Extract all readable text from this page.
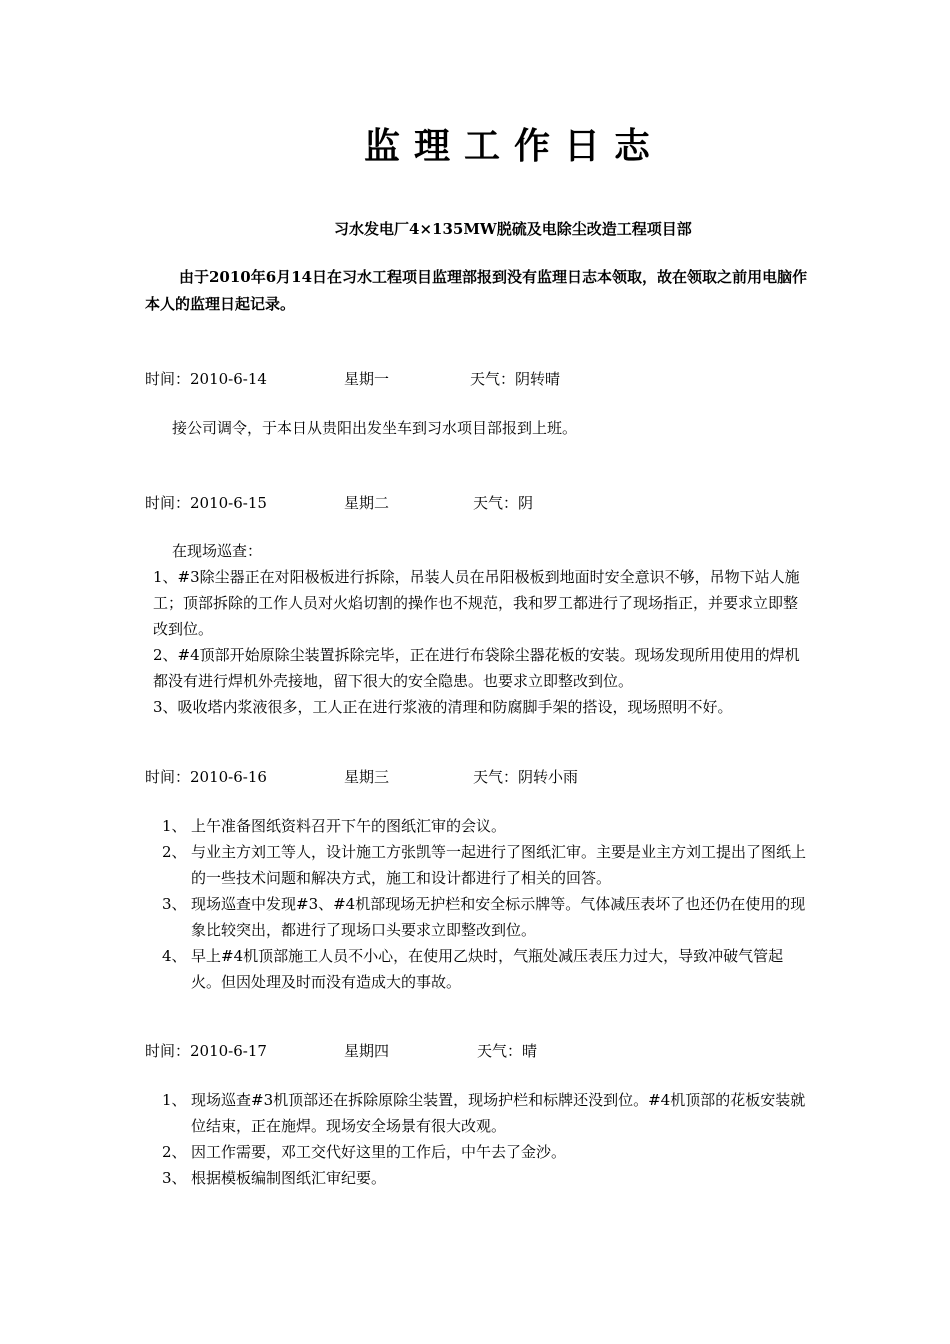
监理工作日志
习水发电厂4×135MW脱硫及电除尘改造工程项目部
由于2010年6月14日在习水工程项目监理部报到没有监理日志本领取，故在领取之前用电脑作本人的监理日起记录。
时间：2010-6-14	星期一	天气：阴转晴

接公司调令，于本日从贵阳出发坐车到习水项目部报到上班。

时间：2010-6-15	星期二	天气：阴

在现场巡查：

1、#3除尘器正在对阳极板进行拆除，吊装人员在吊阳极板到地面时安全意识不够，吊物下站人施工；顶部拆除的工作人员对火焰切割的操作也不规范，我和罗工都进行了现场指正，并要求立即整改到位。

2、#4顶部开始原除尘装置拆除完毕，正在进行布袋除尘器花板的安装。现场发现所用使用的焊机都没有进行焊机外壳接地，留下很大的安全隐患。也要求立即整改到位。

3、吸收塔内浆液很多，工人正在进行浆液的清理和防腐脚手架的搭设，现场照明不好。

时间：2010-6-16	星期三	天气：阴转小雨
1、 上午准备图纸资料召开下午的图纸汇审的会议。
2、 与业主方刘工等人，设计施工方张凯等一起进行了图纸汇审。主要是业主方刘工提出了图纸上的一些技术问题和解决方式，施工和设计都进行了相关的回答。
3、 现场巡查中发现#3、#4机部现场无护栏和安全标示牌等。气体减压表坏了也还仍在使用的现象比较突出，都进行了现场口头要求立即整改到位。
4、 早上#4机顶部施工人员不小心，在使用乙炔时，气瓶处减压表压力过大，导致冲破气管起火。但因处理及时而没有造成大的事故。
时间：2010-6-17	星期四	天气：晴
1、 现场巡查#3机顶部还在拆除原除尘装置，现场护栏和标牌还没到位。#4机顶部的花板安装就位结束，正在施焊。现场安全场景有很大改观。
2、 因工作需要，邓工交代好这里的工作后，中午去了金沙。
3、 根据模板编制图纸汇审纪要。
